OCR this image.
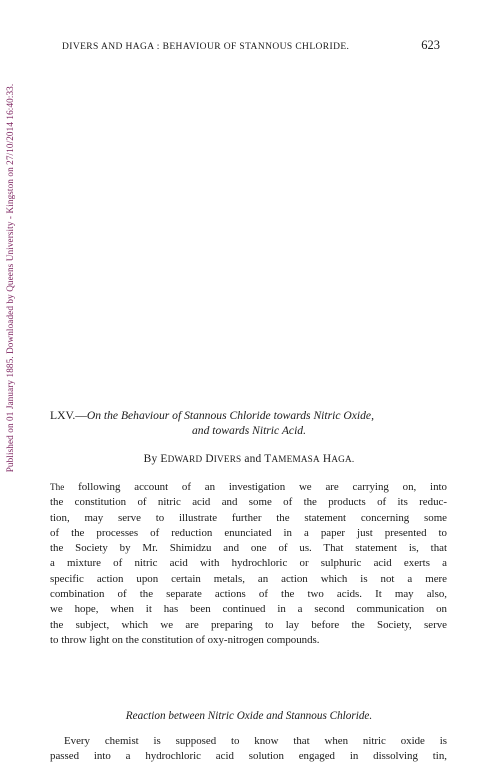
Published on 01 January 1885. Downloaded by Queens University - Kingston on 27/10/2014 16:40:33.
DIVERS AND HAGA : BEHAVIOUR OF STANNOUS CHLORIDE.	623
LXV.—On the Behaviour of Stannous Chloride towards Nitric Oxide,
and towards Nitric Acid.
By EDWARD DIVERS and TAMEMASA HAGA.
The following account of an investigation we are carrying on, into
the constitution of nitric acid and some of the products of its reduc-
tion, may serve to illustrate further the statement concerning some
of the processes of reduction enunciated in a paper just presented to
the Society by Mr. Shimidzu and one of us. That statement is, that
a mixture of nitric acid with hydrochloric or sulphuric acid exerts a
specific action upon certain metals, an action which is not a mere
combination of the separate actions of the two acids. It may also,
we hope, when it has been continued in a second communication on
the subject, which we are preparing to lay before the Society, serve
to throw light on the constitution of oxy-nitrogen compounds.
Reaction between Nitric Oxide and Stannous Chloride.
Every chemist is supposed to know that when nitric oxide is
passed into a hydrochloric acid solution engaged in dissolving tin,
